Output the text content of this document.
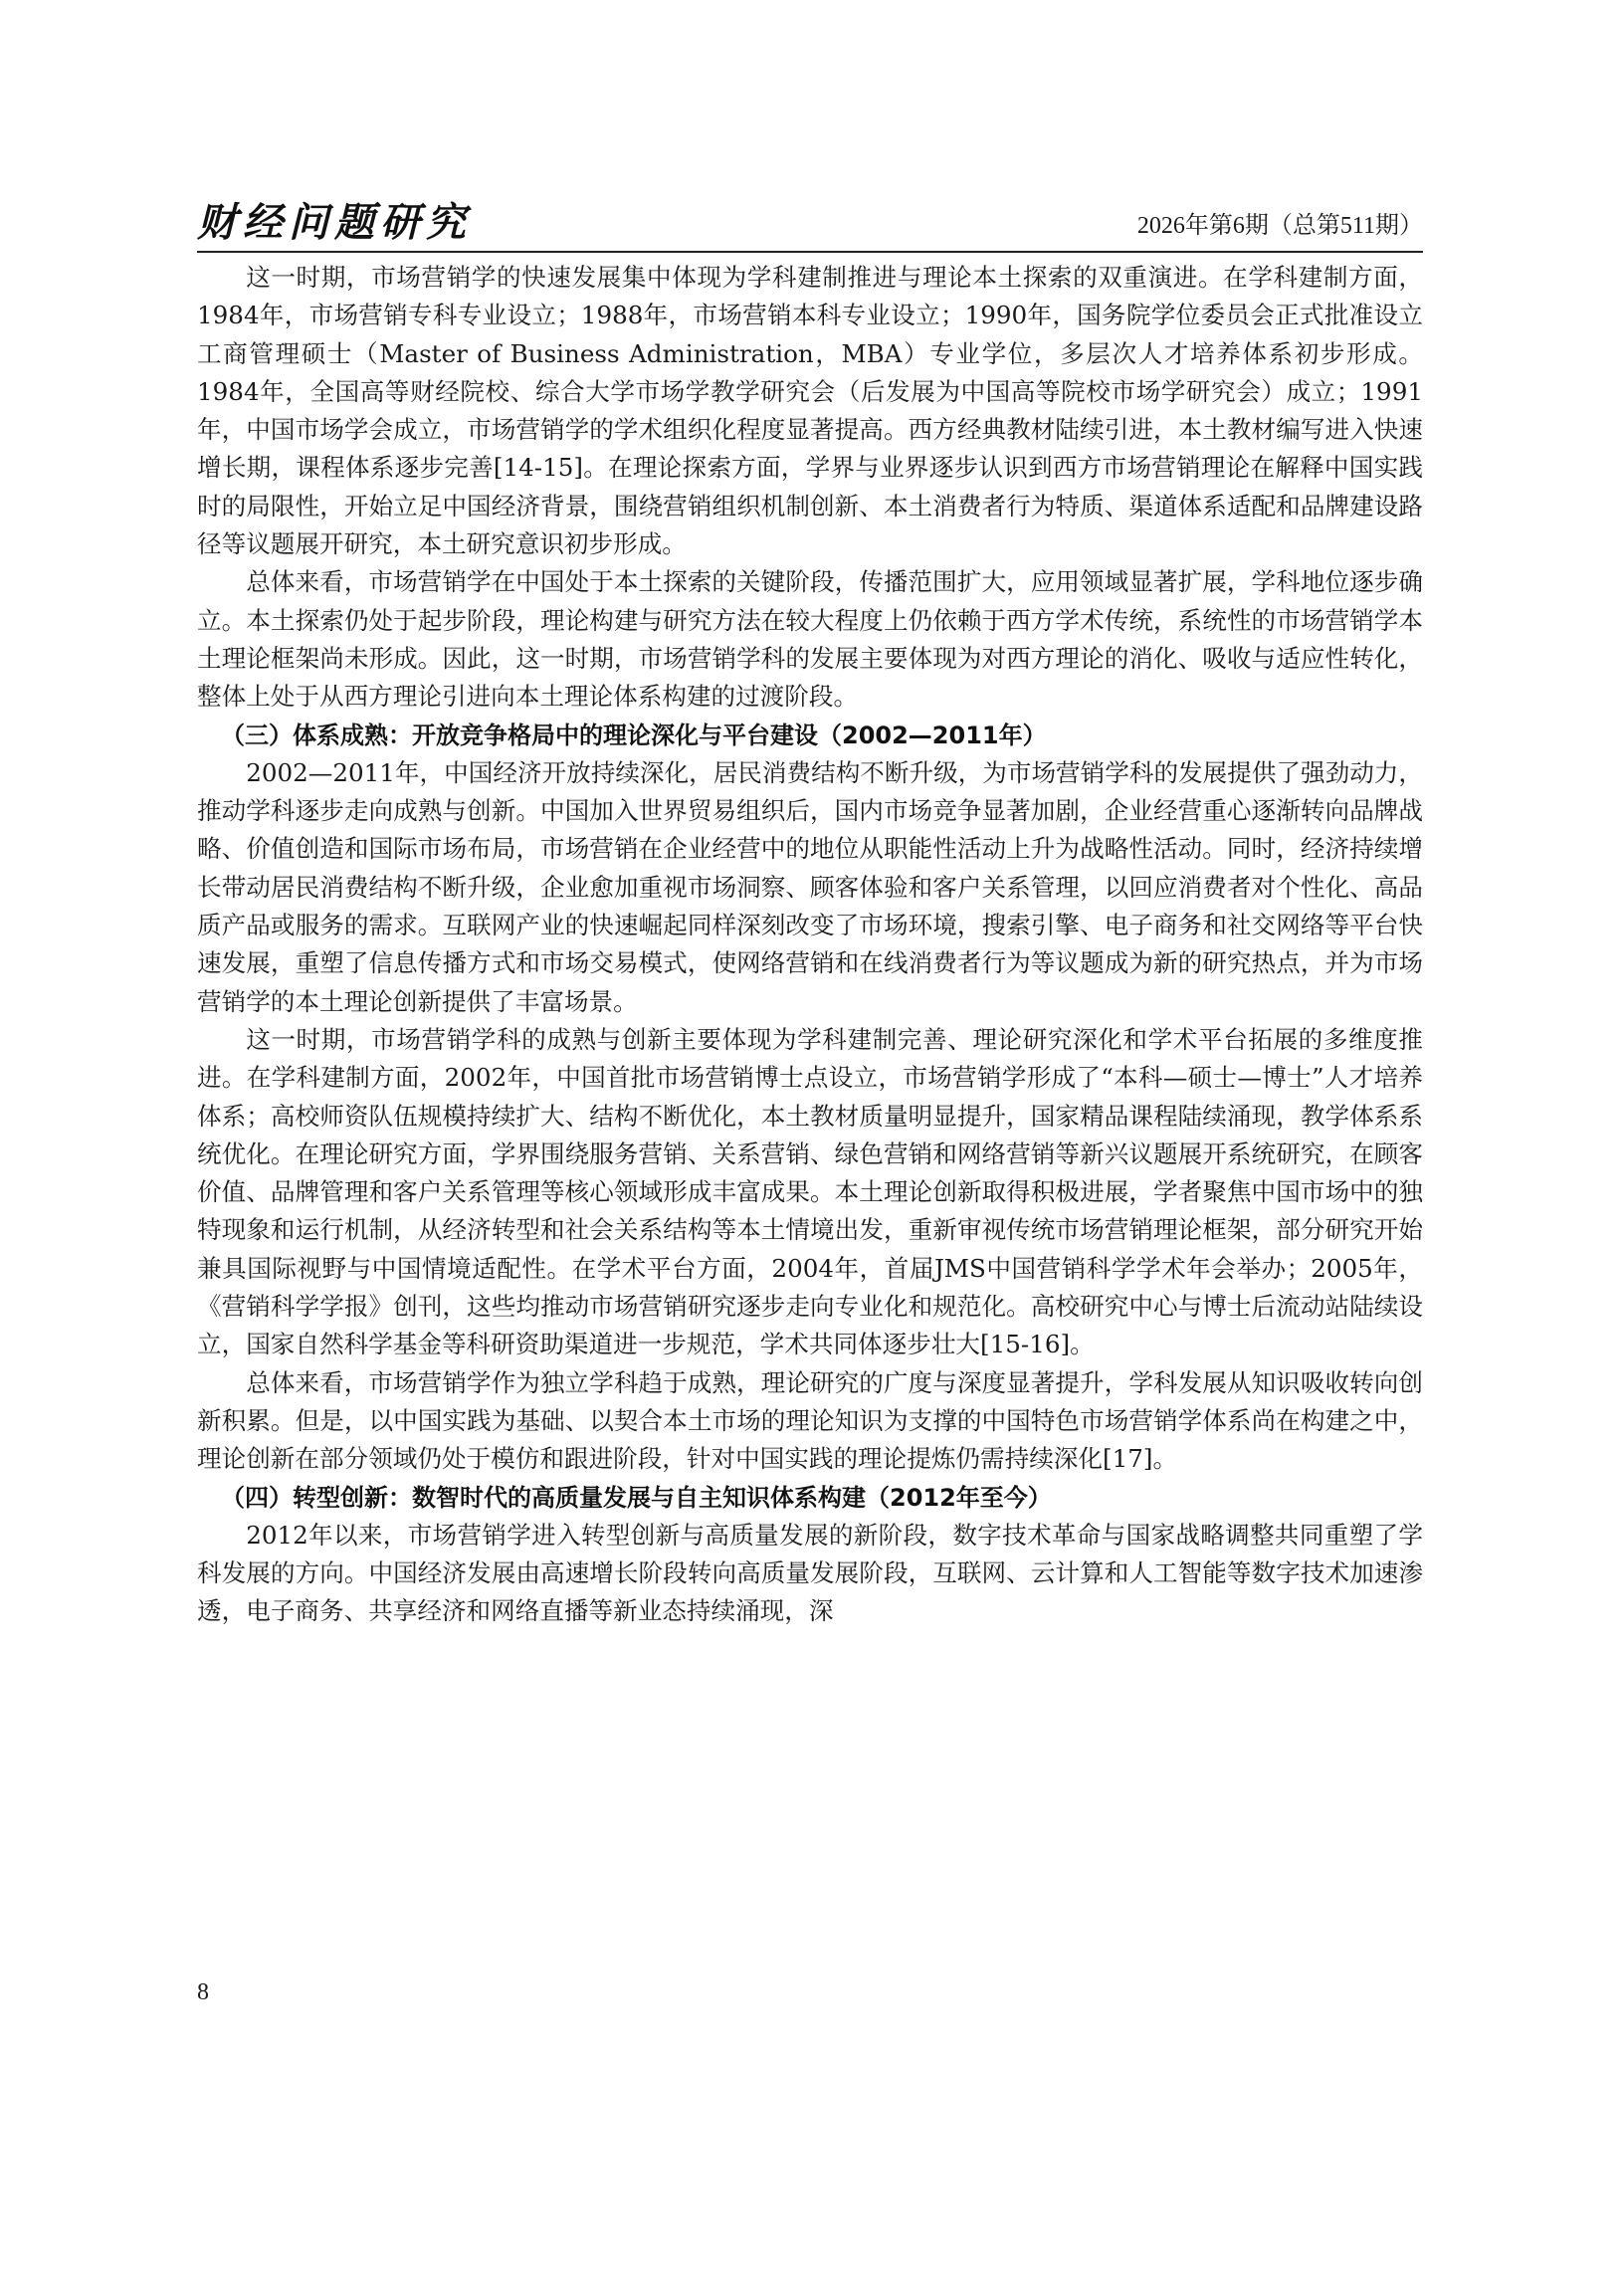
财经问题研究	2026年第6期（总第511期）

这一时期，市场营销学的快速发展集中体现为学科建制推进与理论本土探索的双重演进。在学科建制方面，1984年，市场营销专科专业设立；1988年，市场营销本科专业设立；1990年，国务院学位委员会正式批准设立工商管理硕士（Master of Business Administration，MBA）专业学位，多层次人才培养体系初步形成。1984年，全国高等财经院校、综合大学市场学教学研究会（后发展为中国高等院校市场学研究会）成立；1991年，中国市场学会成立，市场营销学的学术组织化程度显著提高。西方经典教材陆续引进，本土教材编写进入快速增长期，课程体系逐步完善[14-15]。在理论探索方面，学界与业界逐步认识到西方市场营销理论在解释中国实践时的局限性，开始立足中国经济背景，围绕营销组织机制创新、本土消费者行为特质、渠道体系适配和品牌建设路径等议题展开研究，本土研究意识初步形成。

总体来看，市场营销学在中国处于本土探索的关键阶段，传播范围扩大，应用领域显著扩展，学科地位逐步确立。本土探索仍处于起步阶段，理论构建与研究方法在较大程度上仍依赖于西方学术传统，系统性的市场营销学本土理论框架尚未形成。因此，这一时期，市场营销学科的发展主要体现为对西方理论的消化、吸收与适应性转化，整体上处于从西方理论引进向本土理论体系构建的过渡阶段。

（三）体系成熟：开放竞争格局中的理论深化与平台建设（2002—2011年）

2002—2011年，中国经济开放持续深化，居民消费结构不断升级，为市场营销学科的发展提供了强劲动力，推动学科逐步走向成熟与创新。中国加入世界贸易组织后，国内市场竞争显著加剧，企业经营重心逐渐转向品牌战略、价值创造和国际市场布局，市场营销在企业经营中的地位从职能性活动上升为战略性活动。同时，经济持续增长带动居民消费结构不断升级，企业愈加重视市场洞察、顾客体验和客户关系管理，以回应消费者对个性化、高品质产品或服务的需求。互联网产业的快速崛起同样深刻改变了市场环境，搜索引擎、电子商务和社交网络等平台快速发展，重塑了信息传播方式和市场交易模式，使网络营销和在线消费者行为等议题成为新的研究热点，并为市场营销学的本土理论创新提供了丰富场景。

这一时期，市场营销学科的成熟与创新主要体现为学科建制完善、理论研究深化和学术平台拓展的多维度推进。在学科建制方面，2002年，中国首批市场营销博士点设立，市场营销学形成了“本科—硕士—博士”人才培养体系；高校师资队伍规模持续扩大、结构不断优化，本土教材质量明显提升，国家精品课程陆续涌现，教学体系系统优化。在理论研究方面，学界围绕服务营销、关系营销、绿色营销和网络营销等新兴议题展开系统研究，在顾客价值、品牌管理和客户关系管理等核心领域形成丰富成果。本土理论创新取得积极进展，学者聚焦中国市场中的独特现象和运行机制，从经济转型和社会关系结构等本土情境出发，重新审视传统市场营销理论框架，部分研究开始兼具国际视野与中国情境适配性。在学术平台方面，2004年，首届JMS中国营销科学学术年会举办；2005年，《营销科学学报》创刊，这些均推动市场营销研究逐步走向专业化和规范化。高校研究中心与博士后流动站陆续设立，国家自然科学基金等科研资助渠道进一步规范，学术共同体逐步壮大[15-16]。

总体来看，市场营销学作为独立学科趋于成熟，理论研究的广度与深度显著提升，学科发展从知识吸收转向创新积累。但是，以中国实践为基础、以契合本土市场的理论知识为支撑的中国特色市场营销学体系尚在构建之中，理论创新在部分领域仍处于模仿和跟进阶段，针对中国实践的理论提炼仍需持续深化[17]。

（四）转型创新：数智时代的高质量发展与自主知识体系构建（2012年至今）

2012年以来，市场营销学进入转型创新与高质量发展的新阶段，数字技术革命与国家战略调整共同重塑了学科发展的方向。中国经济发展由高速增长阶段转向高质量发展阶段，互联网、云计算和人工智能等数字技术加速渗透，电子商务、共享经济和网络直播等新业态持续涌现，深

8
